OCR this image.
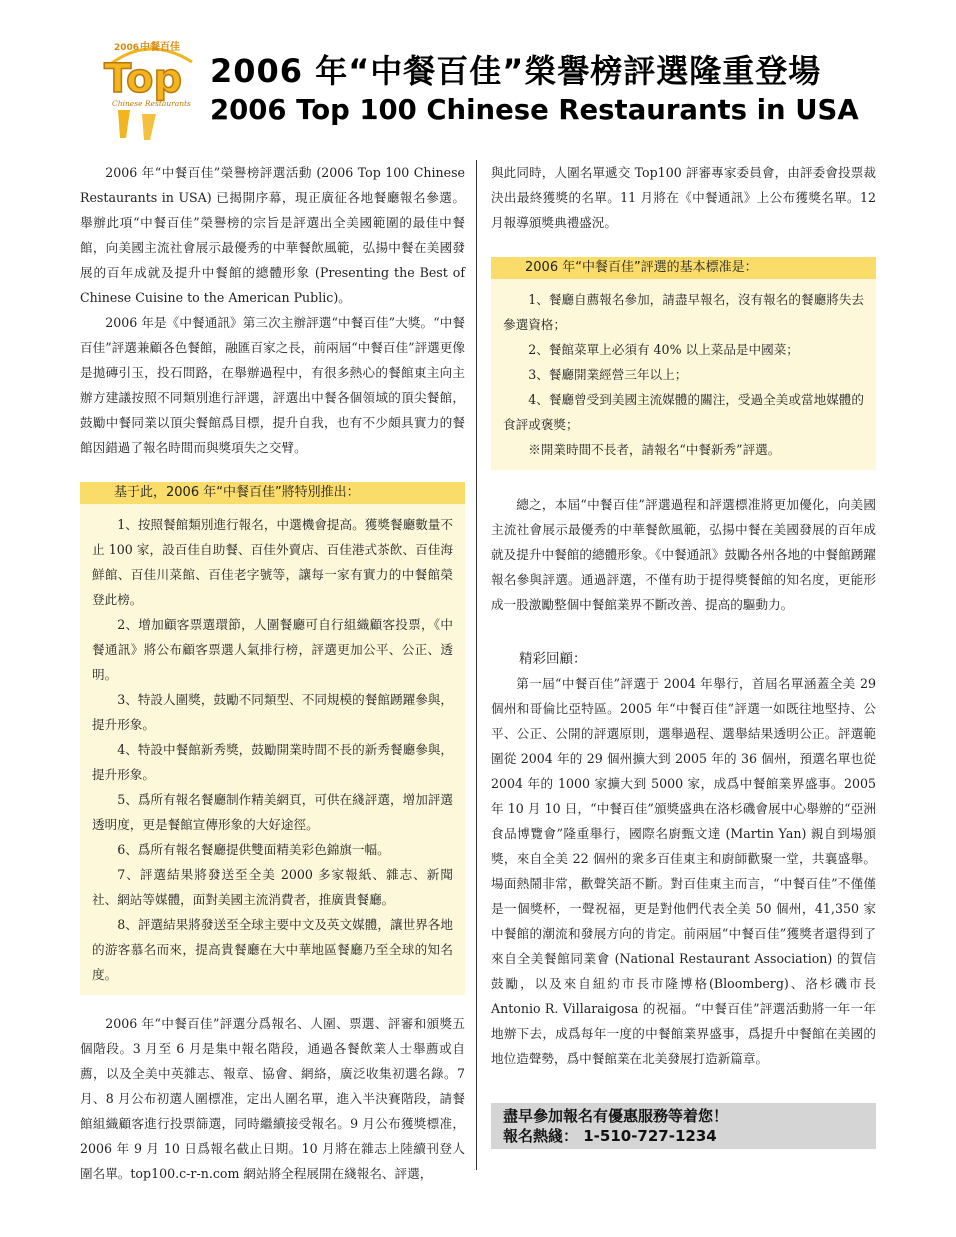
2006 中餐百佳
Top
Chinese Restaurants
2006 年“中餐百佳”榮譽榜評選隆重登場
2006 Top 100 Chinese Restaurants in USA

2006 年“中餐百佳”榮譽榜評選活動 (2006 Top 100 Chinese Restaurants in USA) 已揭開序幕，現正廣征各地餐廳報名參選。舉辦此項“中餐百佳”榮譽榜的宗旨是評選出全美國範圍的最佳中餐館，向美國主流社會展示最優秀的中華餐飲風範，弘揚中餐在美國發展的百年成就及提升中餐館的總體形象 (Presenting the Best of Chinese Cuisine to the American Public)。

2006 年是《中餐通訊》第三次主辦評選“中餐百佳”大獎。“中餐百佳”評選兼顧各色餐館，融匯百家之長，前兩屆“中餐百佳”評選更像是拋磚引玉，投石問路，在舉辦過程中，有很多熱心的餐館東主向主辦方建議按照不同類別進行評選，評選出中餐各個領域的頂尖餐館，鼓勵中餐同業以頂尖餐館爲目標，提升自我，也有不少頗具實力的餐館因錯過了報名時間而與獎項失之交臂。

基于此，2006 年“中餐百佳”將特別推出：

1、按照餐館類別進行報名，中選機會提高。獲獎餐廳數量不止 100 家，設百佳自助餐、百佳外賣店、百佳港式茶飲、百佳海鮮館、百佳川菜館、百佳老字號等，讓每一家有實力的中餐館榮登此榜。

2、增加顧客票選環節，人圍餐廳可自行組織顧客投票，《中餐通訊》將公布顧客票選人氣排行榜，評選更加公平、公正、透明。

3、特設人圍獎，鼓勵不同類型、不同規模的餐館踴躍參與，提升形象。

4、特設中餐館新秀獎，鼓勵開業時間不長的新秀餐廳參與，提升形象。

5、爲所有報名餐廳制作精美網頁，可供在綫評選，增加評選透明度，更是餐館宣傳形象的大好途徑。

6、爲所有報名餐廳提供雙面精美彩色錦旗一幅。

7、評選結果將發送至全美 2000 多家報紙、雜志、新聞社、網站等媒體，面對美國主流消費者，推廣貴餐廳。

8、評選結果將發送至全球主要中文及英文媒體，讓世界各地的游客慕名而來，提高貴餐廳在大中華地區餐廳乃至全球的知名度。

2006 年“中餐百佳”評選分爲報名、人圍、票選、評審和頒獎五個階段。3 月至 6 月是集中報名階段，通過各餐飲業人士舉薦或自薦，以及全美中英雜志、報章、協會、網絡，廣泛收集初選名錄。7 月、8 月公布初選人圍標准，定出人圍名單，進入半決賽階段，請餐館組織顧客進行投票篩選，同時繼續接受報名。9 月公布獲獎標准，2006 年 9 月 10 日爲報名截止日期。10 月將在雜志上陸續刊登人圍名單。top100.c-r-n.com 網站將全程展開在綫報名、評選，

與此同時，人圍名單遞交 Top100 評審專家委員會，由評委會投票裁決出最終獲獎的名單。11 月將在《中餐通訊》上公布獲獎名單。12 月報導頒獎典禮盛況。

2006 年“中餐百佳”評選的基本標准是：

1、餐廳自薦報名參加，請盡早報名，沒有報名的餐廳將失去參選資格；

2、餐館菜單上必須有 40% 以上菜品是中國菜；

3、餐廳開業經營三年以上；

4、餐廳曾受到美國主流媒體的關注，受過全美或當地媒體的食評或褒獎；

※開業時間不長者，請報名“中餐新秀”評選。

總之，本屆“中餐百佳”評選過程和評選標准將更加優化，向美國主流社會展示最優秀的中華餐飲風範，弘揚中餐在美國發展的百年成就及提升中餐館的總體形象。《中餐通訊》鼓勵各州各地的中餐館踴躍報名參與評選。通過評選，不僅有助于提得獎餐館的知名度，更能形成一股激勵整個中餐館業界不斷改善、提高的驅動力。

精彩回顧：

第一屆“中餐百佳”評選于 2004 年舉行，首屆名單涵蓋全美 29 個州和哥倫比亞特區。2005 年“中餐百佳”評選一如既往地堅持、公平、公正、公開的評選原則，選舉過程、選舉結果透明公正。評選範圍從 2004 年的 29 個州擴大到 2005 年的 36 個州，預選名單也從 2004 年的 1000 家擴大到 5000 家，成爲中餐館業界盛事。2005 年 10 月 10 日，“中餐百佳”頒獎盛典在洛杉磯會展中心舉辦的“亞洲食品博覽會”隆重舉行，國際名廚甄文達 (Martin Yan) 親自到場頒獎，來自全美 22 個州的衆多百佳東主和廚師歡聚一堂，共襄盛舉。場面熱鬧非常，歡聲笑語不斷。對百佳東主而言，“中餐百佳”不僅僅是一個獎杯，一聲祝福，更是對他們代表全美 50 個州，41,350 家中餐館的潮流和發展方向的肯定。前兩屆“中餐百佳”獲獎者還得到了來自全美餐館同業會 (National Restaurant Association) 的賀信鼓勵，以及來自紐約市長市隆博格(Bloomberg)、洛杉磯市長 Antonio R. Villaraigosa 的祝福。“中餐百佳”評選活動將一年一年地辦下去，成爲每年一度的中餐館業界盛事，爲提升中餐館在美國的地位造聲勢，爲中餐館業在北美發展打造新篇章。

盡早參加報名有優惠服務等着您！
報名熱綫： 1-510-727-1234
